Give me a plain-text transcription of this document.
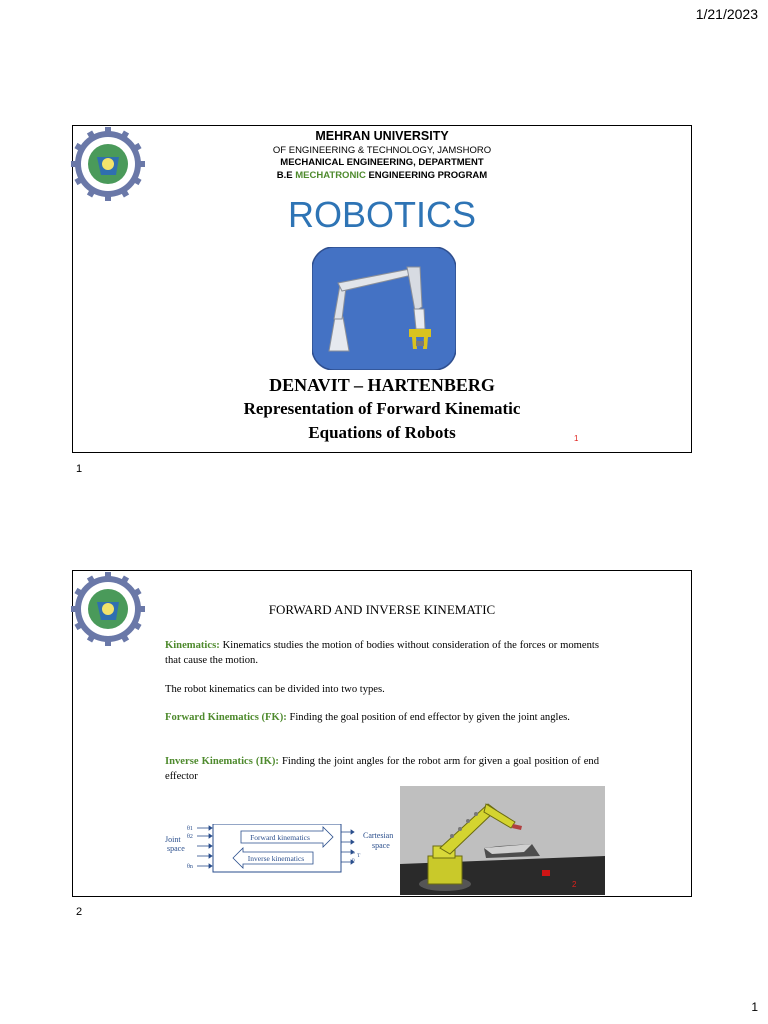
1/21/2023
MEHRAN UNIVERSITY
OF ENGINEERING & TECHNOLOGY, JAMSHORO
MECHANICAL ENGINEERING, DEPARTMENT
B.E MECHATRONIC ENGINEERING PROGRAM
ROBOTICS
DENAVIT – HARTENBERG
Representation of Forward Kinematic
Equations of Robots	1
1
FORWARD AND INVERSE KINEMATIC
Kinematics: Kinematics studies the motion of bodies without consideration of the forces or moments that cause the motion.
The robot kinematics can be divided into two types.
Forward Kinematics (FK): Finding the goal position of end effector by given the joint angles.
Inverse Kinematics (IK): Finding the joint angles for the robot arm for given a goal position of end effector
Joint
space
θ1
θ2
θn
Forward kinematics
Inverse kinematics
o
n
T
Cartesian
space
2
2
1
